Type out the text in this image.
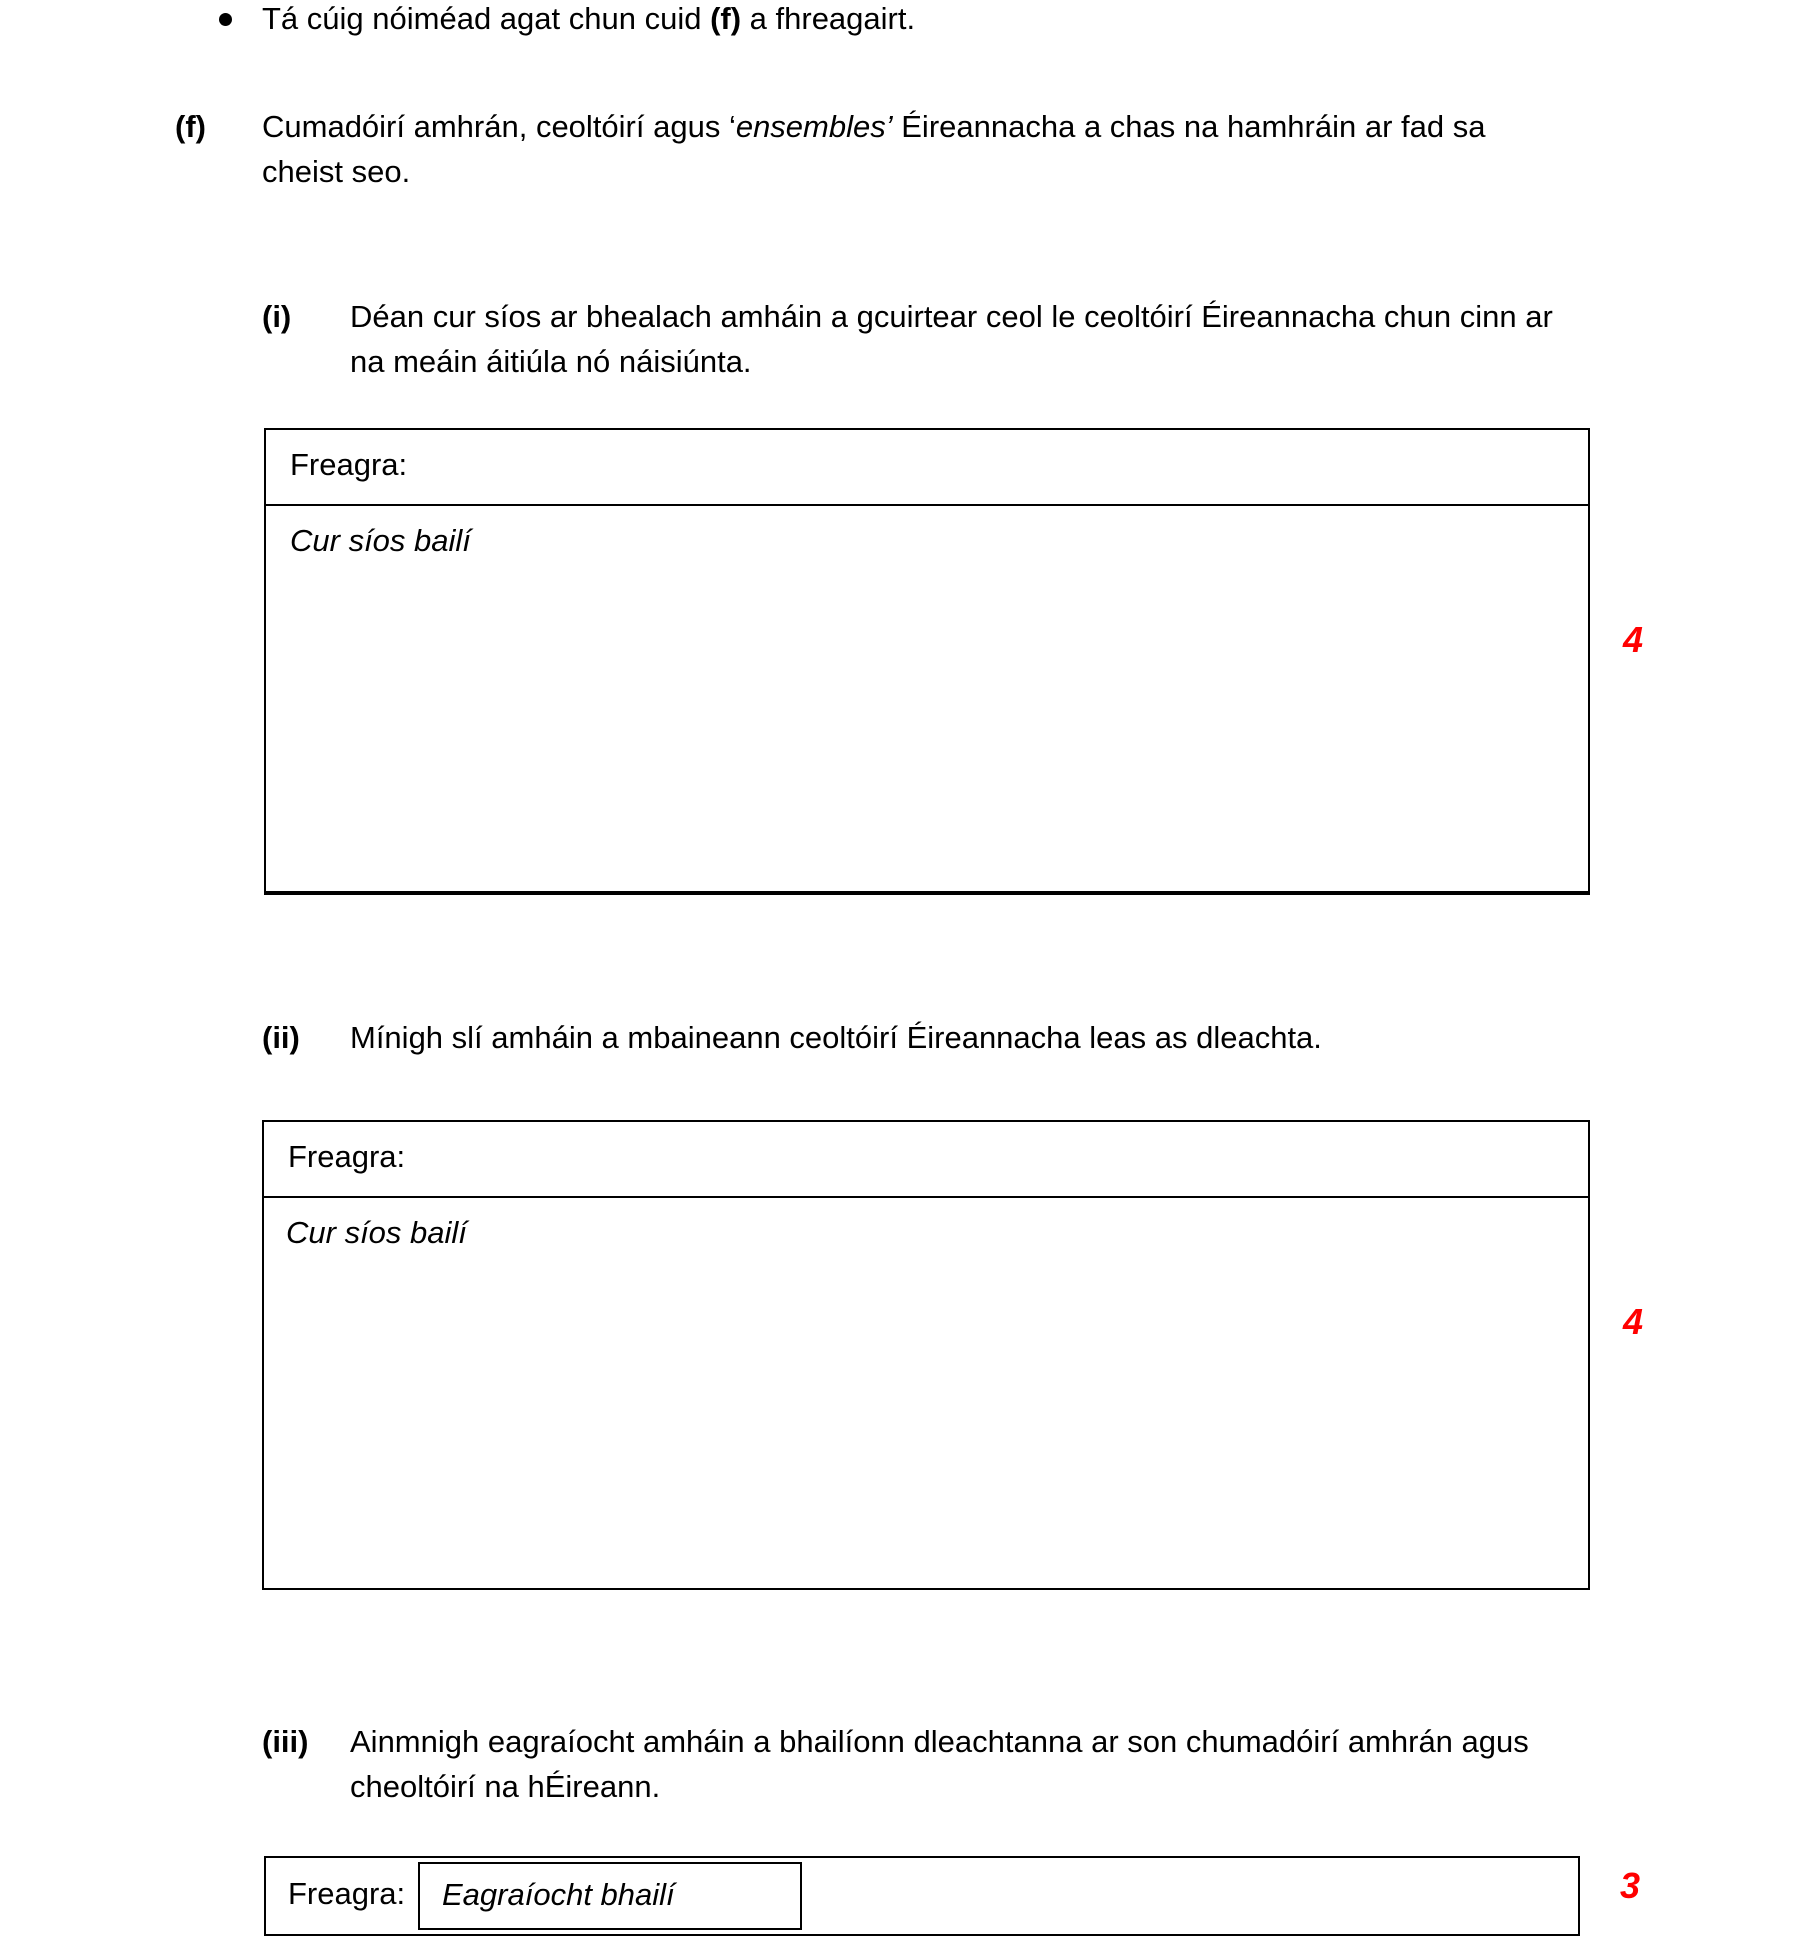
Tá cúig nóiméad agat chun cuid (f) a fhreagairt.
(f) Cumadóirí amhrán, ceoltóirí agus ‘ensembles’ Éireannacha a chas na hamhráin ar fad sa
cheist seo.
(i) Déan cur síos ar bhealach amháin a gcuirtear ceol le ceoltóirí Éireannacha chun cinn ar
na meáin áitiúla nó náisiúnta.
Freagra:
Cur síos bailí
4
(ii) Mínigh slí amháin a mbaineann ceoltóirí Éireannacha leas as dleachta.
Freagra:
Cur síos bailí
4
(iii) Ainmnigh eagraíocht amháin a bhailíonn dleachtanna ar son chumadóirí amhrán agus
cheoltóirí na hÉireann.
Freagra: Eagraíocht bhailí	3
